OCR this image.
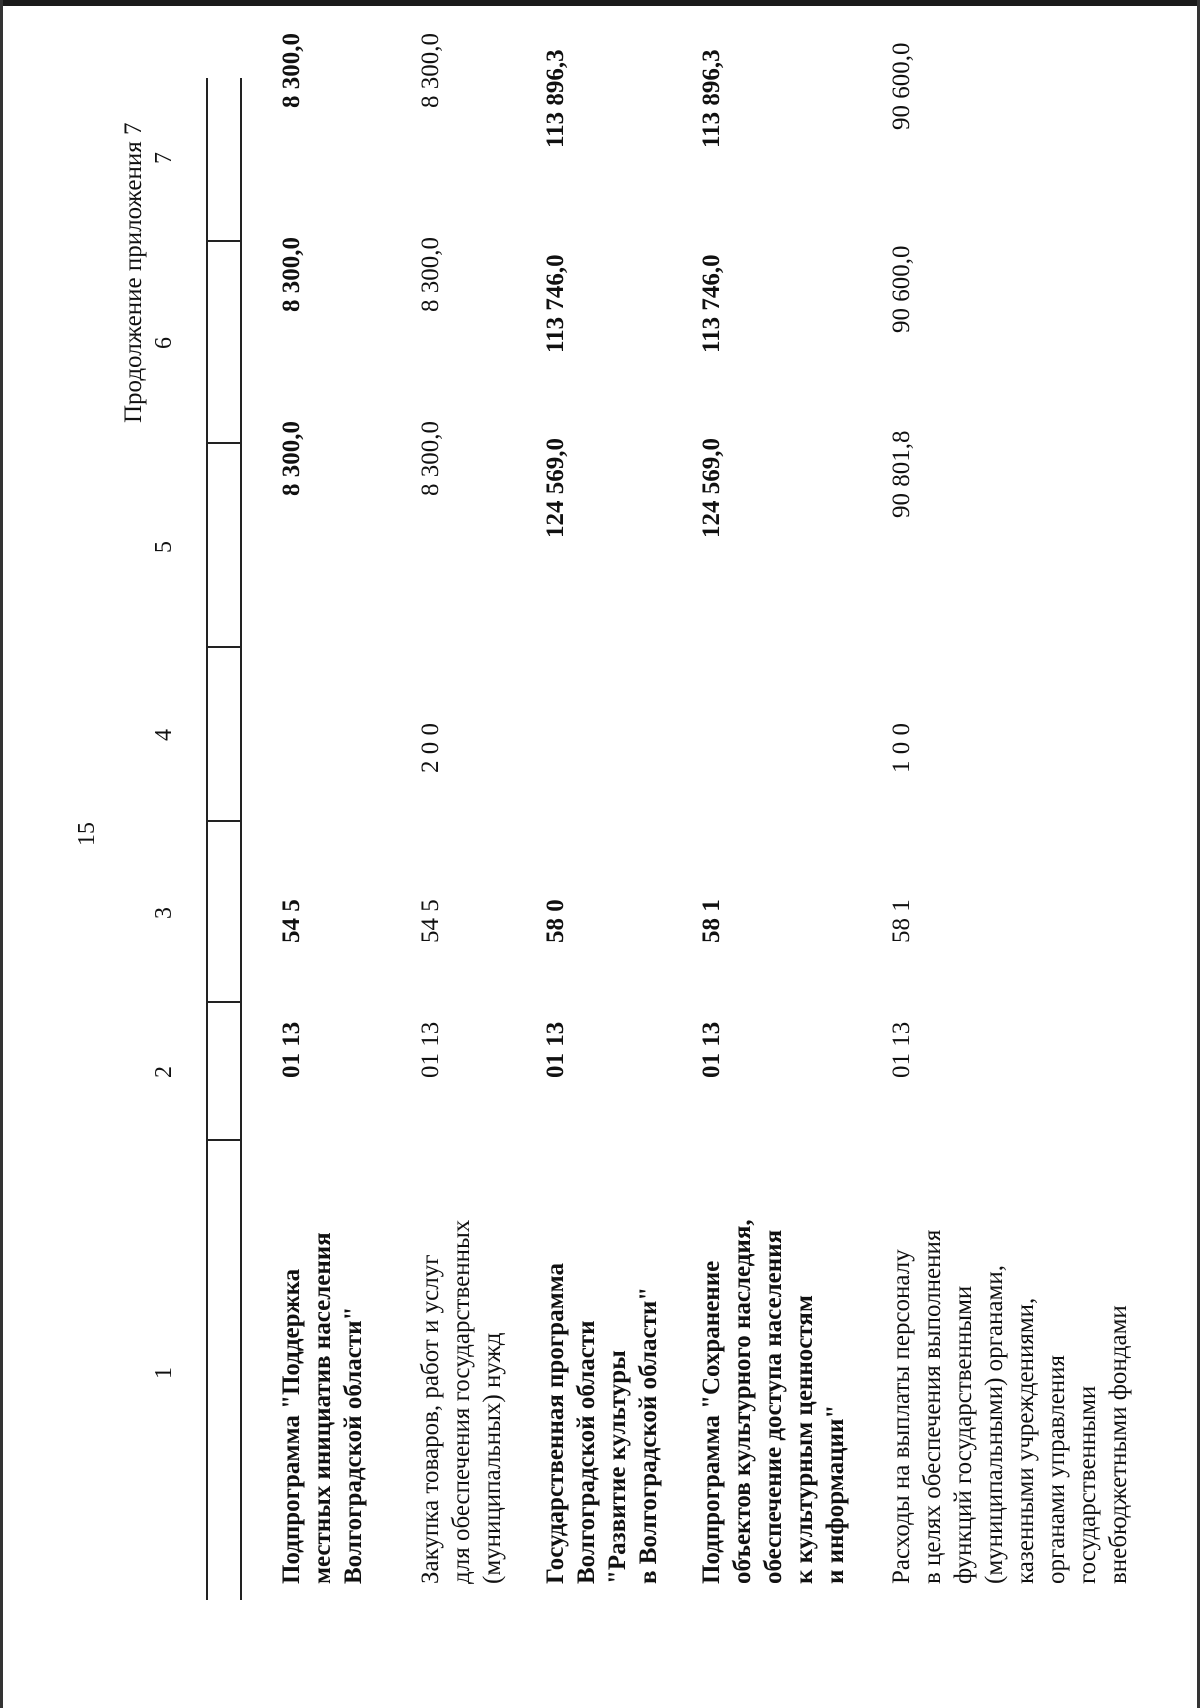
15
Продолжение приложения 7
1
2
3
4
5
6
7
Подпрограмма "Поддержка местных инициатив населения Волгоградской области"
01 13
54 5
8 300,0
8 300,0
8 300,0
Закупка товаров, работ и услуг для обеспечения государственных (муниципальных) нужд
01 13
54 5
2 0 0
8 300,0
8 300,0
8 300,0
Государственная программа Волгоградской области "Развитие культуры в Волгоградской области"
01 13
58 0
124 569,0
113 746,0
113 896,3
Подпрограмма "Сохранение объектов культурного наследия, обеспечение доступа населения к культурным ценностям и информации"
01 13
58 1
124 569,0
113 746,0
113 896,3
Расходы на выплаты персоналу в целях обеспечения выполнения функций государственными (муниципальными) органами, казенными учреждениями, органами управления государственными внебюджетными фондами
01 13
58 1
1 0 0
90 801,8
90 600,0
90 600,0
